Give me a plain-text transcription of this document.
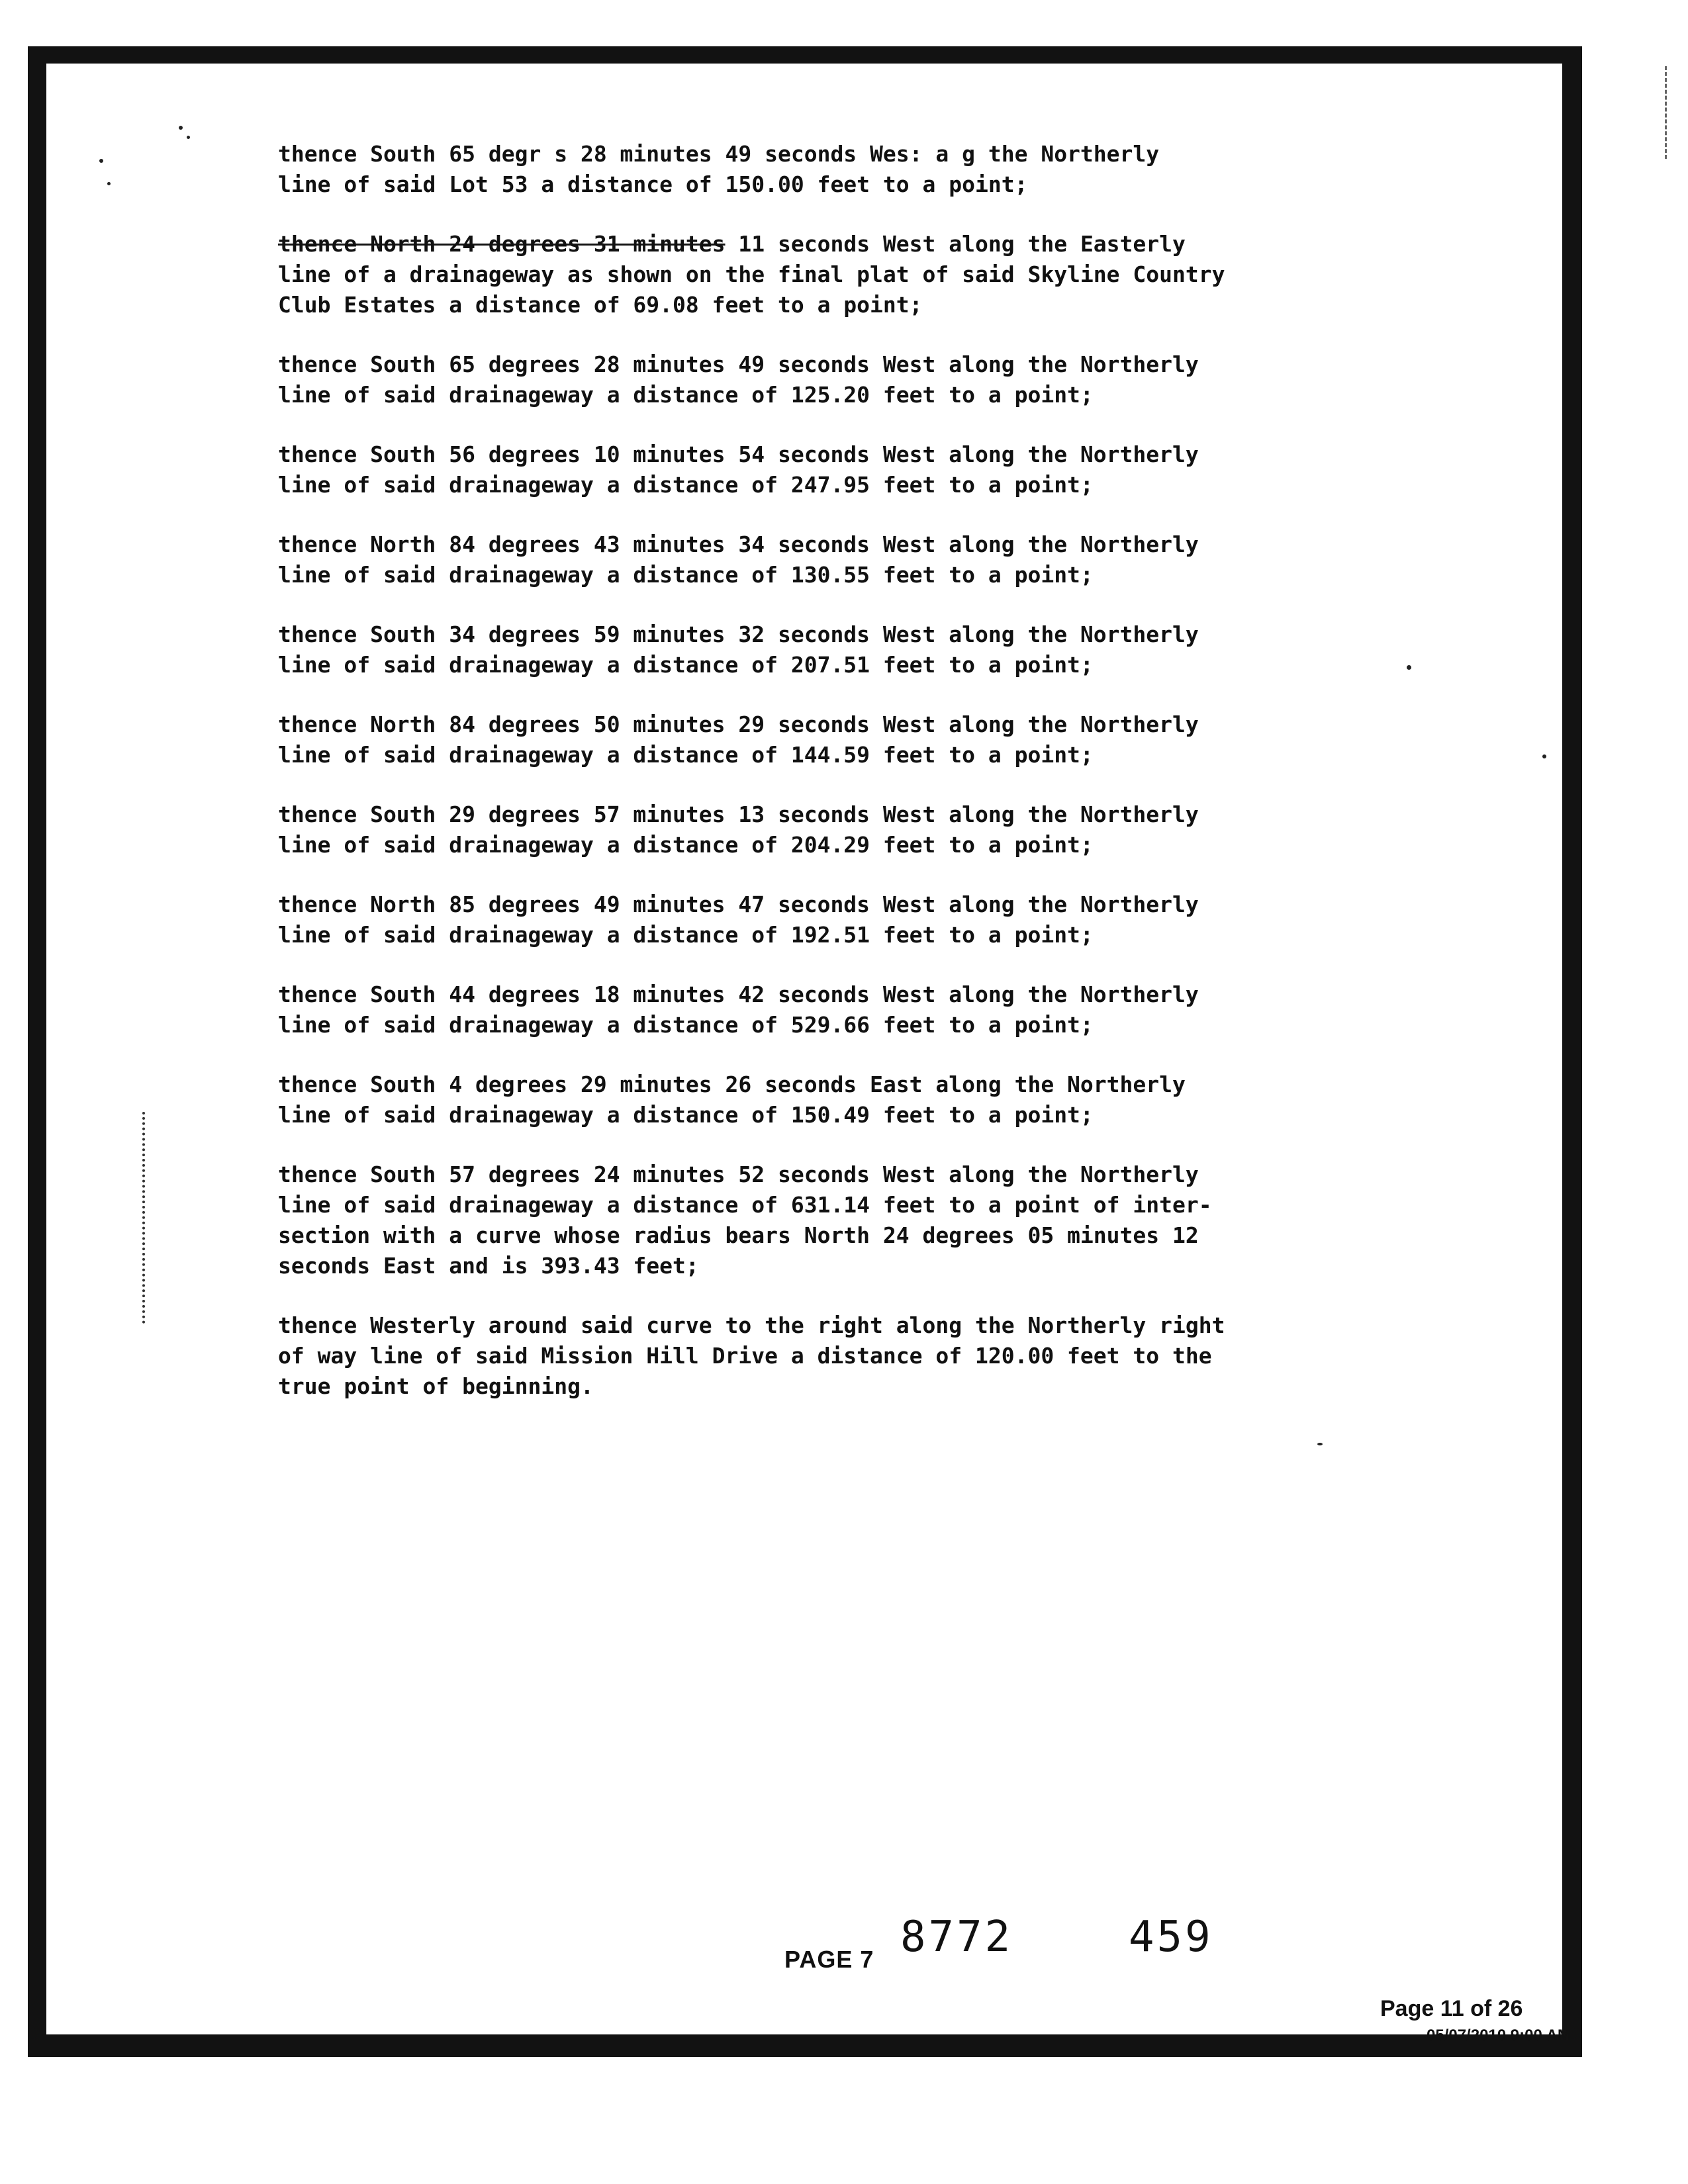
thence South 65 degr s 28 minutes 49 seconds Wes: a g the Northerly
line of said Lot 53 a distance of 150.00 feet to a point;

thence North 24 degrees 31 minutes 11 seconds West along the Easterly
line of a drainageway as shown on the final plat of said Skyline Country
Club Estates a distance of 69.08 feet to a point;

thence South 65 degrees 28 minutes 49 seconds West along the Northerly
line of said drainageway a distance of 125.20 feet to a point;

thence South 56 degrees 10 minutes 54 seconds West along the Northerly
line of said drainageway a distance of 247.95 feet to a point;

thence North 84 degrees 43 minutes 34 seconds West along the Northerly
line of said drainageway a distance of 130.55 feet to a point;

thence South 34 degrees 59 minutes 32 seconds West along the Northerly
line of said drainageway a distance of 207.51 feet to a point;

thence North 84 degrees 50 minutes 29 seconds West along the Northerly
line of said drainageway a distance of 144.59 feet to a point;

thence South 29 degrees 57 minutes 13 seconds West along the Northerly
line of said drainageway a distance of 204.29 feet to a point;

thence North 85 degrees 49 minutes 47 seconds West along the Northerly
line of said drainageway a distance of 192.51 feet to a point;

thence South 44 degrees 18 minutes 42 seconds West along the Northerly
line of said drainageway a distance of 529.66 feet to a point;

thence South 4 degrees 29 minutes 26 seconds East along the Northerly
line of said drainageway a distance of 150.49 feet to a point;

thence South 57 degrees 24 minutes 52 seconds West along the Northerly
line of said drainageway a distance of 631.14 feet to a point of inter-
section with a curve whose radius bears North 24 degrees 05 minutes 12
seconds East and is 393.43 feet;

thence Westerly around said curve to the right along the Northerly right
of way line of said Mission Hill Drive a distance of 120.00 feet to the
true point of beginning.

PAGE 7 8772	459
Page 11 of 26
05/07/2010 9:00 AM
